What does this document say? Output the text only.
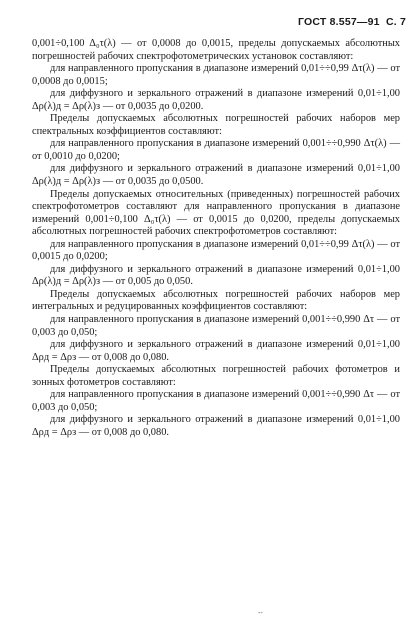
ГОСТ 8.557—91 С. 7

0,001÷0,100 Δ₀τ(λ) — от 0,0008 до 0,0015, пределы допускаемых абсолютных погрешностей рабочих спектрофотометрических установок составляют:

для направленного пропускания в диапазоне измерений 0,01÷÷0,99 Δτ(λ) — от 0,0008 до 0,0015;

для диффузного и зеркального отражений в диапазоне измерений 0,01÷1,00 Δρ(λ)д = Δρ(λ)з — от 0,0035 до 0,0200.

Пределы допускаемых абсолютных погрешностей рабочих наборов мер спектральных коэффициентов составляют:

для направленного пропускания в диапазоне измерений 0,001÷÷0,990 Δτ(λ) — от 0,0010 до 0,0200;

для диффузного и зеркального отражений в диапазоне измерений 0,01÷1,00 Δρ(λ)д = Δρ(λ)з — от 0,0035 до 0,0500.

Пределы допускаемых относительных (приведенных) погрешностей рабочих спектрофотометров составляют для направленного пропускания в диапазоне измерений 0,001÷0,100 Δ₀τ(λ) — от 0,0015 до 0,0200, пределы допускаемых абсолютных погрешностей рабочих спектрофотометров составляют:

для направленного пропускания в диапазоне измерений 0,01÷÷0,99 Δτ(λ) — от 0,0015 до 0,0200;

для диффузного и зеркального отражений в диапазоне измерений 0,01÷1,00 Δρ(λ)д = Δρ(λ)з — от 0,005 до 0,050.

Пределы допускаемых абсолютных погрешностей рабочих наборов мер интегральных и редуцированных коэффициентов составляют:

для направленного пропускания в диапазоне измерений 0,001÷÷0,990 Δτ — от 0,003 до 0,050;

для диффузного и зеркального отражений в диапазоне измерений 0,01÷1,00 Δρд = Δρз — от 0,008 до 0,080.

Пределы допускаемых абсолютных погрешностей рабочих фотометров и зонных фотометров составляют:

для направленного пропускания в диапазоне измерений 0,001÷÷0,990 Δτ — от 0,003 до 0,050;

для диффузного и зеркального отражений в диапазоне измерений 0,01÷1,00 Δρд = Δρз — от 0,008 до 0,080.

--
